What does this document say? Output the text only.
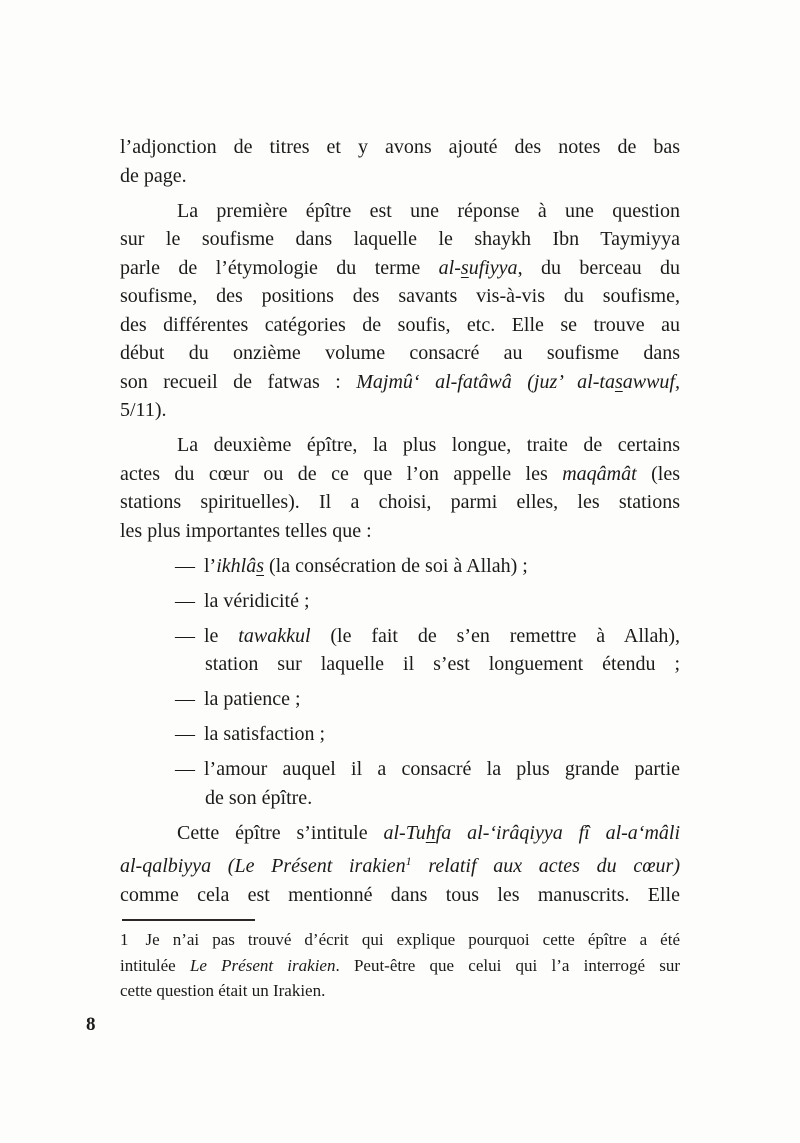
l’adjonction de titres et y avons ajouté des notes de bas
de page.
La première épître est une réponse à une question
sur le soufisme dans laquelle le shaykh Ibn Taymiyya
parle de l’étymologie du terme al-sufiyya, du berceau du
soufisme, des positions des savants vis-à-vis du soufisme,
des différentes catégories de soufis, etc. Elle se trouve au
début du onzième volume consacré au soufisme dans
son recueil de fatwas : Majmû‘ al-fatâwâ (juz’ al-tasawwuf,
5/11).
La deuxième épître, la plus longue, traite de certains
actes du cœur ou de ce que l’on appelle les maqâmât (les
stations spirituelles). Il a choisi, parmi elles, les stations
les plus importantes telles que :
— l’ikhlâs (la consécration de soi à Allah) ;
— la véridicité ;
— le tawakkul (le fait de s’en remettre à Allah),
station sur laquelle il s’est longuement étendu ;
— la patience ;
— la satisfaction ;
— l’amour auquel il a consacré la plus grande partie
de son épître.
Cette épître s’intitule al-Tuhfa al-‘irâqiyya fî al-a‘mâli
al-qalbiyya (Le Présent irakien$^1$ relatif aux actes du cœur)
comme cela est mentionné dans tous les manuscrits. Elle
1 Je n’ai pas trouvé d’écrit qui explique pourquoi cette épître a été
intitulée Le Présent irakien. Peut-être que celui qui l’a interrogé sur
cette question était un Irakien.
8
